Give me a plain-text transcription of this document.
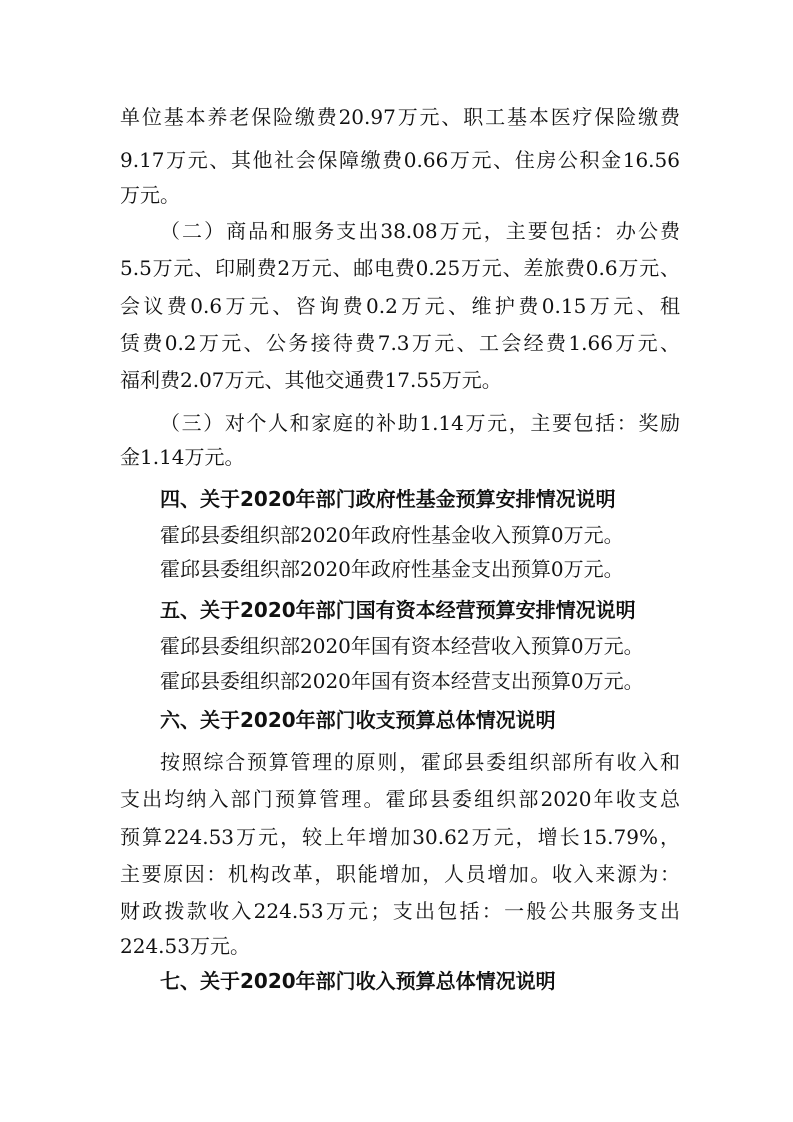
单位基本养老保险缴费20.97万元、职工基本医疗保险缴费
9.17万元、其他社会保障缴费0.66万元、住房公积金16.56
万元。
（二）商品和服务支出38.08万元，主要包括：办公费
5.5万元、印刷费2万元、邮电费0.25万元、差旅费0.6万元、
会议费0.6万元、咨询费0.2万元、维护费0.15万元、租
赁费0.2万元、公务接待费7.3万元、工会经费1.66万元、
福利费2.07万元、其他交通费17.55万元。
（三）对个人和家庭的补助1.14万元，主要包括：奖励
金1.14万元。
四、关于2020年部门政府性基金预算安排情况说明
霍邱县委组织部2020年政府性基金收入预算0万元。
霍邱县委组织部2020年政府性基金支出预算0万元。
五、关于2020年部门国有资本经营预算安排情况说明
霍邱县委组织部2020年国有资本经营收入预算0万元。
霍邱县委组织部2020年国有资本经营支出预算0万元。
六、关于2020年部门收支预算总体情况说明
按照综合预算管理的原则，霍邱县委组织部所有收入和
支出均纳入部门预算管理。霍邱县委组织部2020年收支总
预算224.53万元，较上年增加30.62万元，增长15.79%，
主要原因：机构改革，职能增加，人员增加。收入来源为：
财政拨款收入224.53万元；支出包括：一般公共服务支出
224.53万元。
七、关于2020年部门收入预算总体情况说明
